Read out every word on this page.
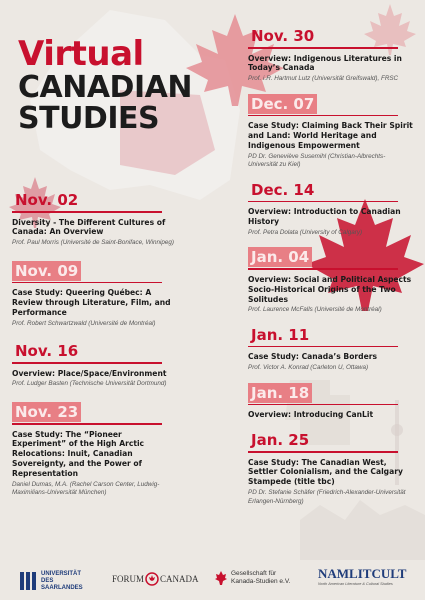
Virtual
CANADIAN
STUDIES
Nov. 02
Diversity - The Different Cultures of Canada: An Overview
Prof. Paul Morris (Université de Saint-Boniface, Winnipeg)
Nov. 09
Case Study: Queering Québec: A Review through Literature, Film, and Performance
Prof. Robert Schwartzwald (Université de Montréal)
Nov. 16
Overview: Place/Space/Environment
Prof. Ludger Basten (Technische Universität Dortmund)
Nov. 23
Case Study: The “Pioneer Experiment” of the High Arctic Relocations: Inuit, Canadian Sovereignty, and the Power of Representation
Daniel Dumas, M.A. (Rachel Carson Center, Ludwig-Maximilians-Universität München)
Nov. 30
Overview: Indigenous Literatures in Today’s Canada
Prof. i.R. Hartmut Lutz (Universität Greifswald), FRSC
Dec. 07
Case Study: Claiming Back Their Spirit and Land: World Heritage and Indigenous Empowerment
PD Dr. Geneviève Susemihl (Christian-Albrechts-Universität zu Kiel)
Dec. 14
Overview: Introduction to Canadian History
Prof. Petra Dolata (University of Calgary)
Jan. 04
Overview: Social and Political Aspects Socio-Historical Origins of the Two Solitudes
Prof. Laurence McFalls (Université de Montréal)
Jan. 11
Case Study: Canada’s Borders
Prof. Victor A. Konrad (Carleton U, Ottawa)
Jan. 18
Overview: Introducing CanLit
Jan. 25
Case Study: The Canadian West, Settler Colonialism, and the Calgary Stampede (title tbc)
PD Dr. Stefanie Schäfer (Friedrich-Alexander-Universität Erlangen-Nürnberg)
UNIVERSITÄT
DES
SAARLANDES
FORUM CANADA
Gesellschaft für
Kanada-Studien e.V.
NAMLITCULT
North American Literature & Cultural Studies
